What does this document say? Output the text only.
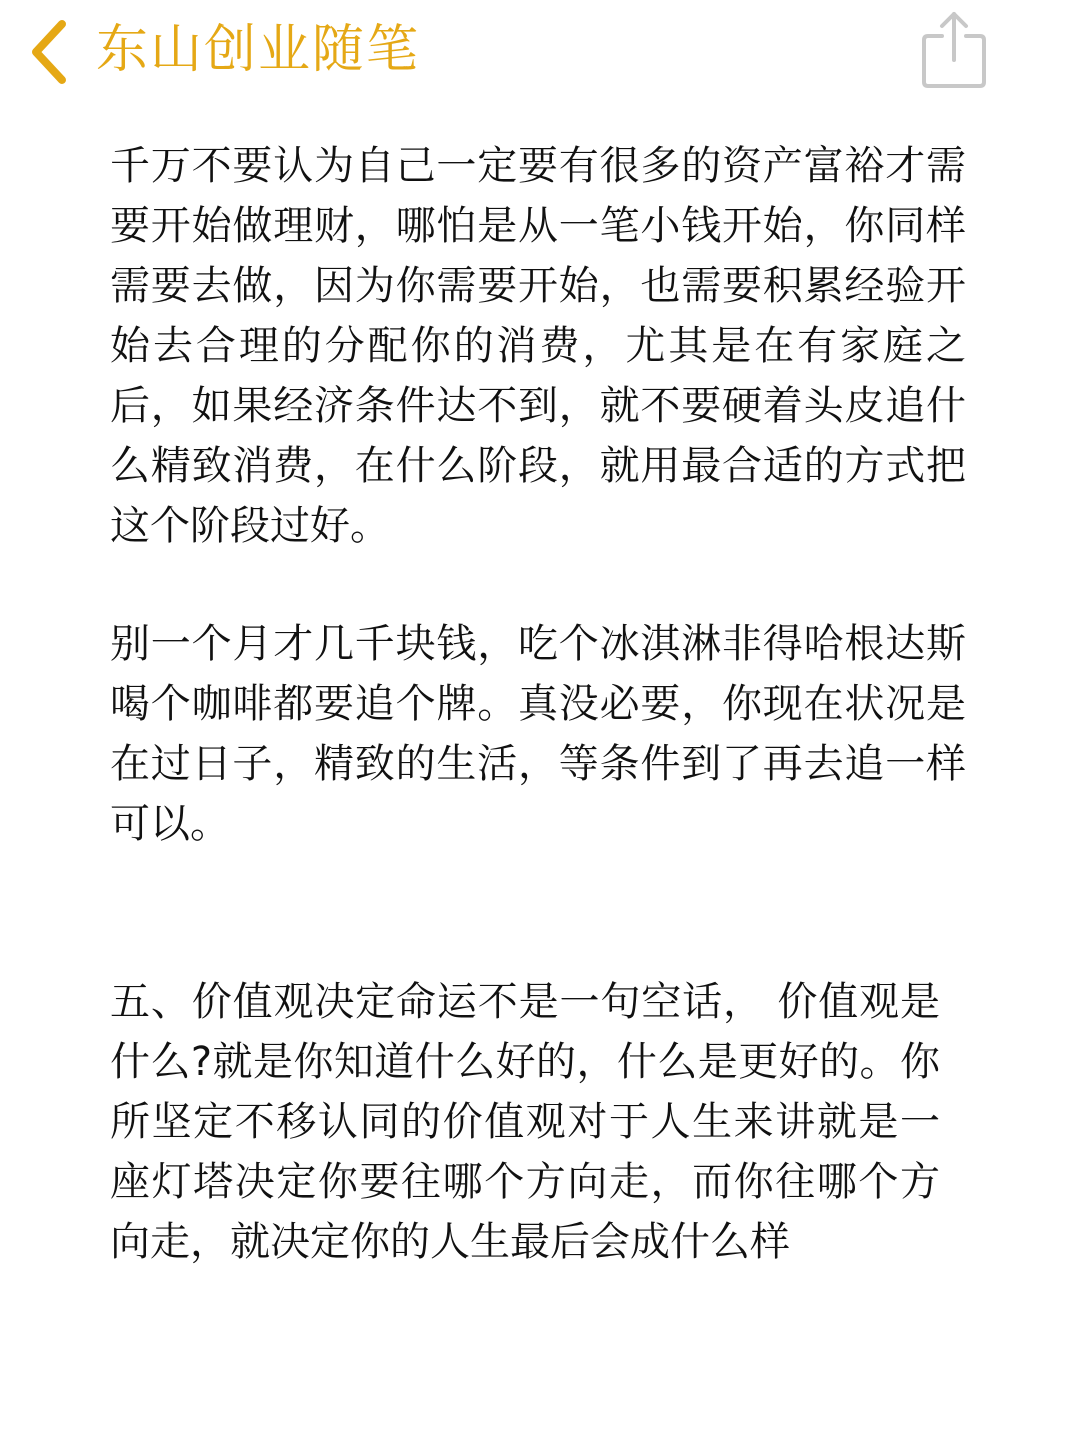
东山创业随笔

千万不要认为自己一定要有很多的资产富裕才需要开始做理财，哪怕是从一笔小钱开始，你同样需要去做，因为你需要开始，也需要积累经验开始去合理的分配你的消费，尤其是在有家庭之后，如果经济条件达不到，就不要硬着头皮追什么精致消费，在什么阶段，就用最合适的方式把这个阶段过好。

别一个月才几千块钱，吃个冰淇淋非得哈根达斯喝个咖啡都要追个牌。真没必要，你现在状况是在过日子，精致的生活，等条件到了再去追一样可以。

五、价值观决定命运不是一句空话， 价值观是什么?就是你知道什么好的，什么是更好的。你所坚定不移认同的价值观对于人生来讲就是一座灯塔决定你要往哪个方向走，而你往哪个方向走，就决定你的人生最后会成什么样
